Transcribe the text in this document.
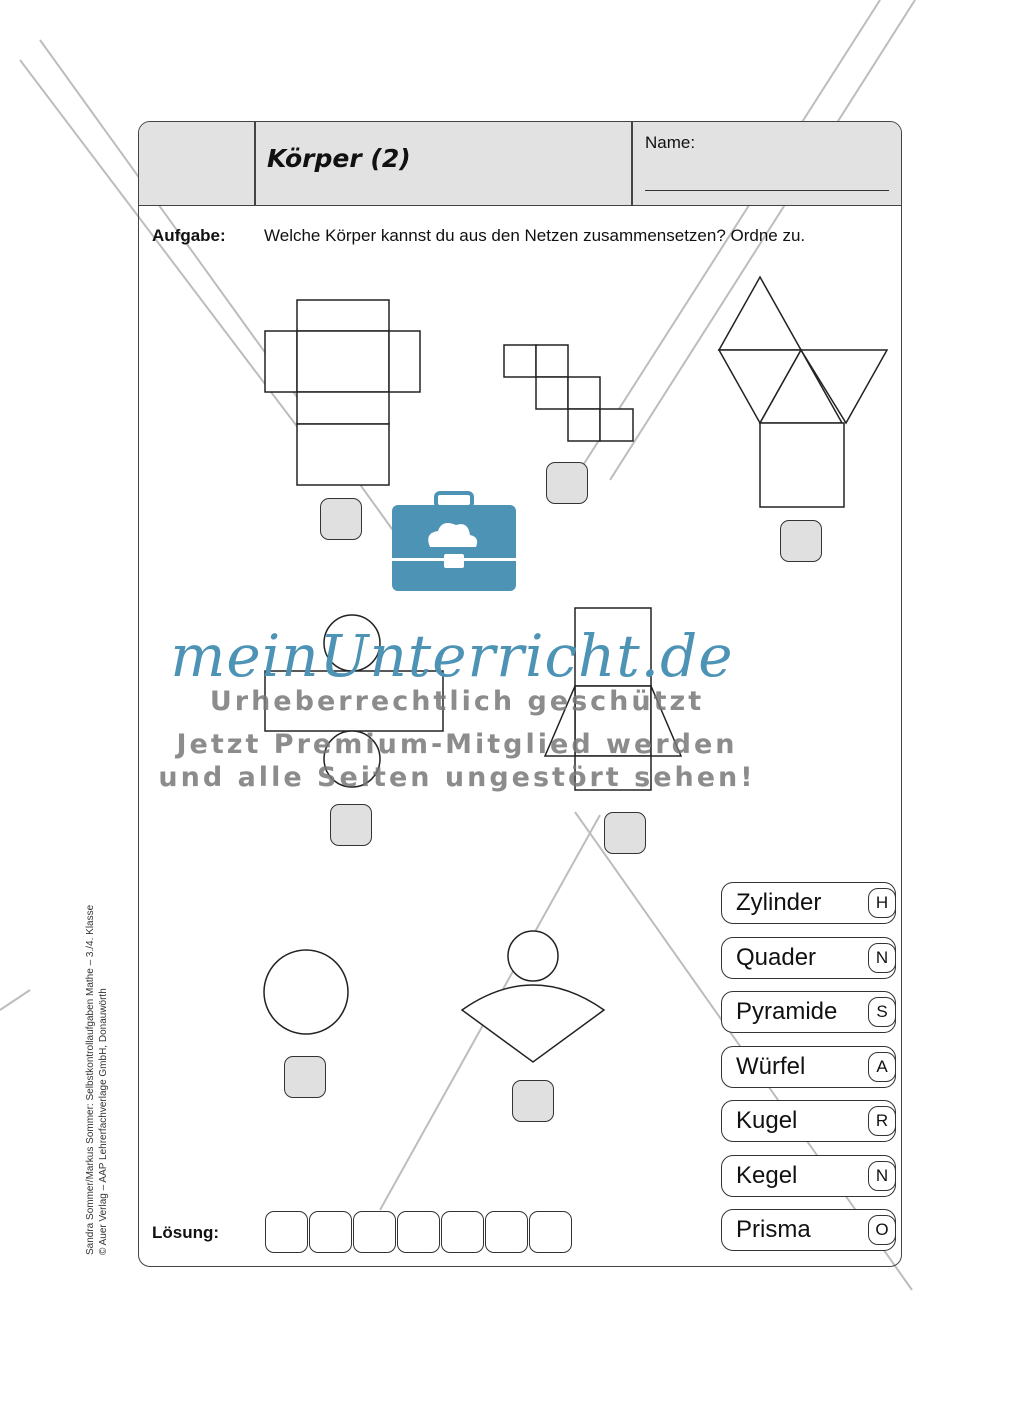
Körper (2)
Name:
Aufgabe: Welche Körper kannst du aus den Netzen zusammensetzen? Ordne zu.
Zylinder	H
Quader	N
Pyramide	S
Würfel	A
Kugel	R
Kegel	N
Prisma	O
Lösung:
meinUnterricht.de
Urheberrechtlich geschützt
Jetzt Premium-Mitglied werden
und alle Seiten ungestört sehen!
Sandra Sommer/Markus Sommer: Selbstkontrollaufgaben Mathe – 3./4. Klasse © Auer Verlag – AAP Lehrerfachverlage GmbH, Donauwörth
